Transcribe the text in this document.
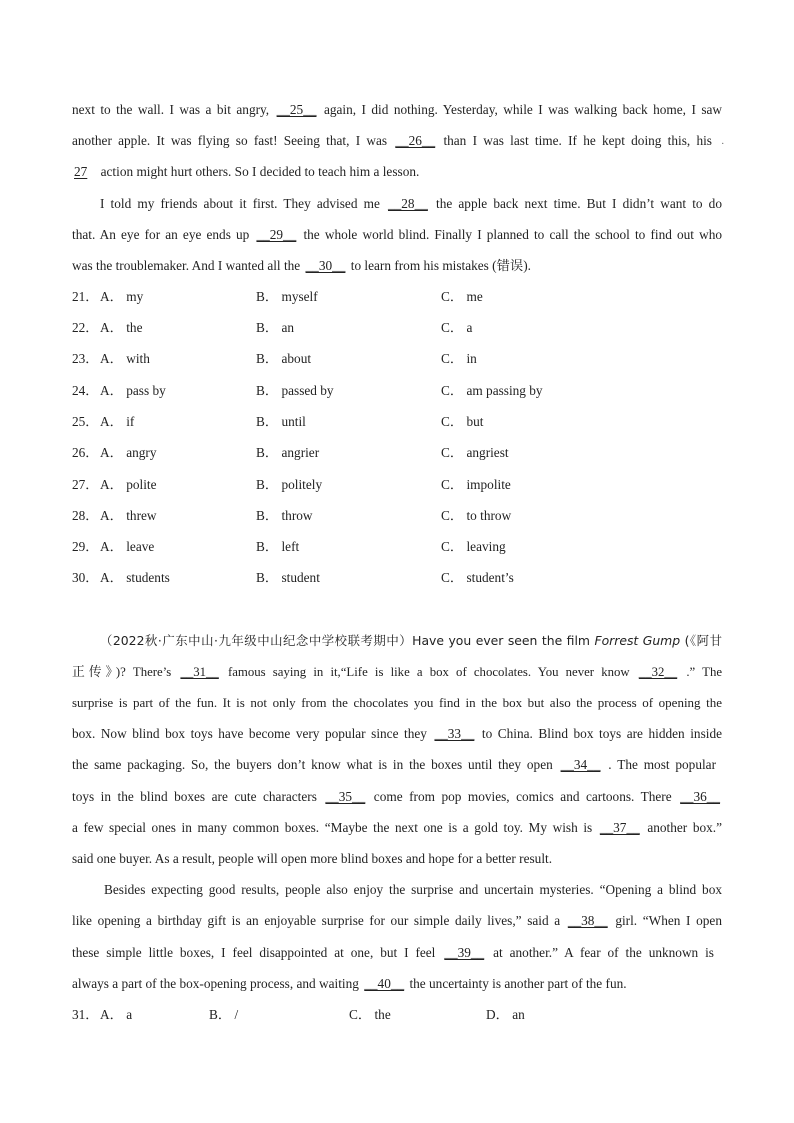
next to the wall. I was a bit angry, __25__ again, I did nothing. Yesterday, while I was walking back home, I saw
another apple. It was flying so fast! Seeing that, I was __26__ than I was last time. If he kept doing this, his .
27 action might hurt others. So I decided to teach him a lesson.
I told my friends about it first. They advised me __28__ the apple back next time. But I didn’t want to do
that. An eye for an eye ends up __29__ the whole world blind. Finally I planned to call the school to find out who
was the troublemaker. And I wanted all the __30__ to learn from his mistakes (错误).
21． A． my	B． myself	C． me
22． A． the	B． an	C． a
23． A． with	B． about	C． in
24． A． pass by	B． passed by	C． am passing by
25． A． if	B． until	C． but
26． A． angry	B． angrier	C． angriest
27． A． polite	B． politely	C． impolite
28． A． threw	B． throw	C． to throw
29． A． leave	B． left	C． leaving
30． A． students	B． student	C． student’s
（2022秋·广东中山·九年级中山纪念中学校联考期中）Have you ever seen the film Forrest Gump (《阿甘
正传》)? There’s __31__ famous saying in it,“Life is like a box of chocolates. You never know __32__ .” The
surprise is part of the fun. It is not only from the chocolates you find in the box but also the process of opening the
box. Now blind box toys have become very popular since they __33__ to China. Blind box toys are hidden inside
the same packaging. So, the buyers don’t know what is in the boxes until they open __34__ . The most popular
toys in the blind boxes are cute characters __35__ come from pop movies, comics and cartoons. There __36__
a few special ones in many common boxes. “Maybe the next one is a gold toy. My wish is __37__ another box.”
said one buyer. As a result, people will open more blind boxes and hope for a better result.
Besides expecting good results, people also enjoy the surprise and uncertain mysteries. “Opening a blind box
like opening a birthday gift is an enjoyable surprise for our simple daily lives,” said a __38__ girl. “When I open
these simple little boxes, I feel disappointed at one, but I feel __39__ at another.” A fear of the unknown is
always a part of the box-opening process, and waiting __40__ the uncertainty is another part of the fun.
31． A． a	B． /	C． the	D． an
